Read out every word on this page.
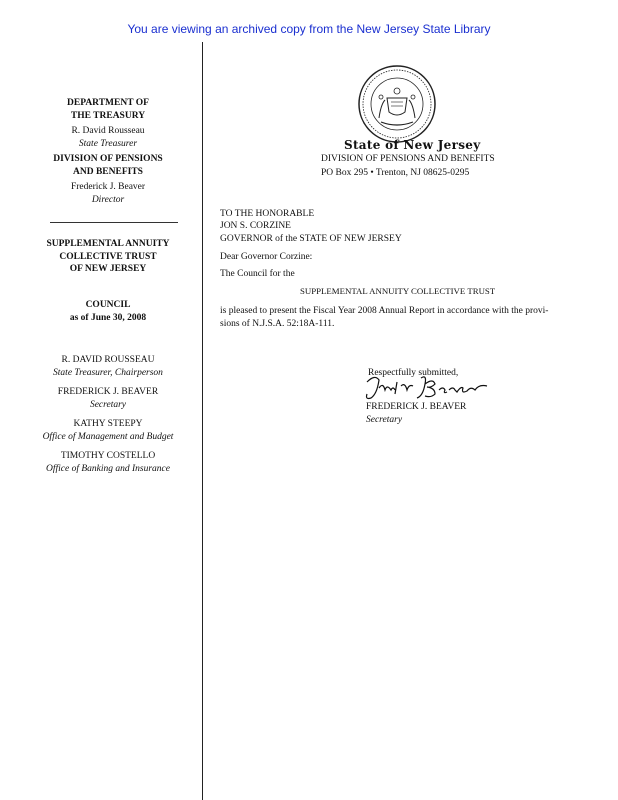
You are viewing an archived copy from the New Jersey State Library
DEPARTMENT OF
THE TREASURY
R. David Rousseau
State Treasurer
DIVISION OF PENSIONS
AND BENEFITS
Frederick J. Beaver
Director
SUPPLEMENTAL ANNUITY
COLLECTIVE TRUST
OF NEW JERSEY
COUNCIL
as of June 30, 2008
R. DAVID ROUSSEAU
State Treasurer, Chairperson
FREDERICK J. BEAVER
Secretary
KATHY STEEPY
Office of Management and Budget
TIMOTHY COSTELLO
Office of Banking and Insurance
State of New Jersey
DIVISION OF PENSIONS AND BENEFITS
PO Box 295 • Trenton, NJ 08625-0295
TO THE HONORABLE
JON S. CORZINE
GOVERNOR of the STATE OF NEW JERSEY
Dear Governor Corzine:
The Council for the
SUPPLEMENTAL ANNUITY COLLECTIVE TRUST
is pleased to present the Fiscal Year 2008 Annual Report in accordance with the provi-
sions of N.J.S.A. 52:18A-111.
Respectfully submitted,
FREDERICK J. BEAVER
Secretary
